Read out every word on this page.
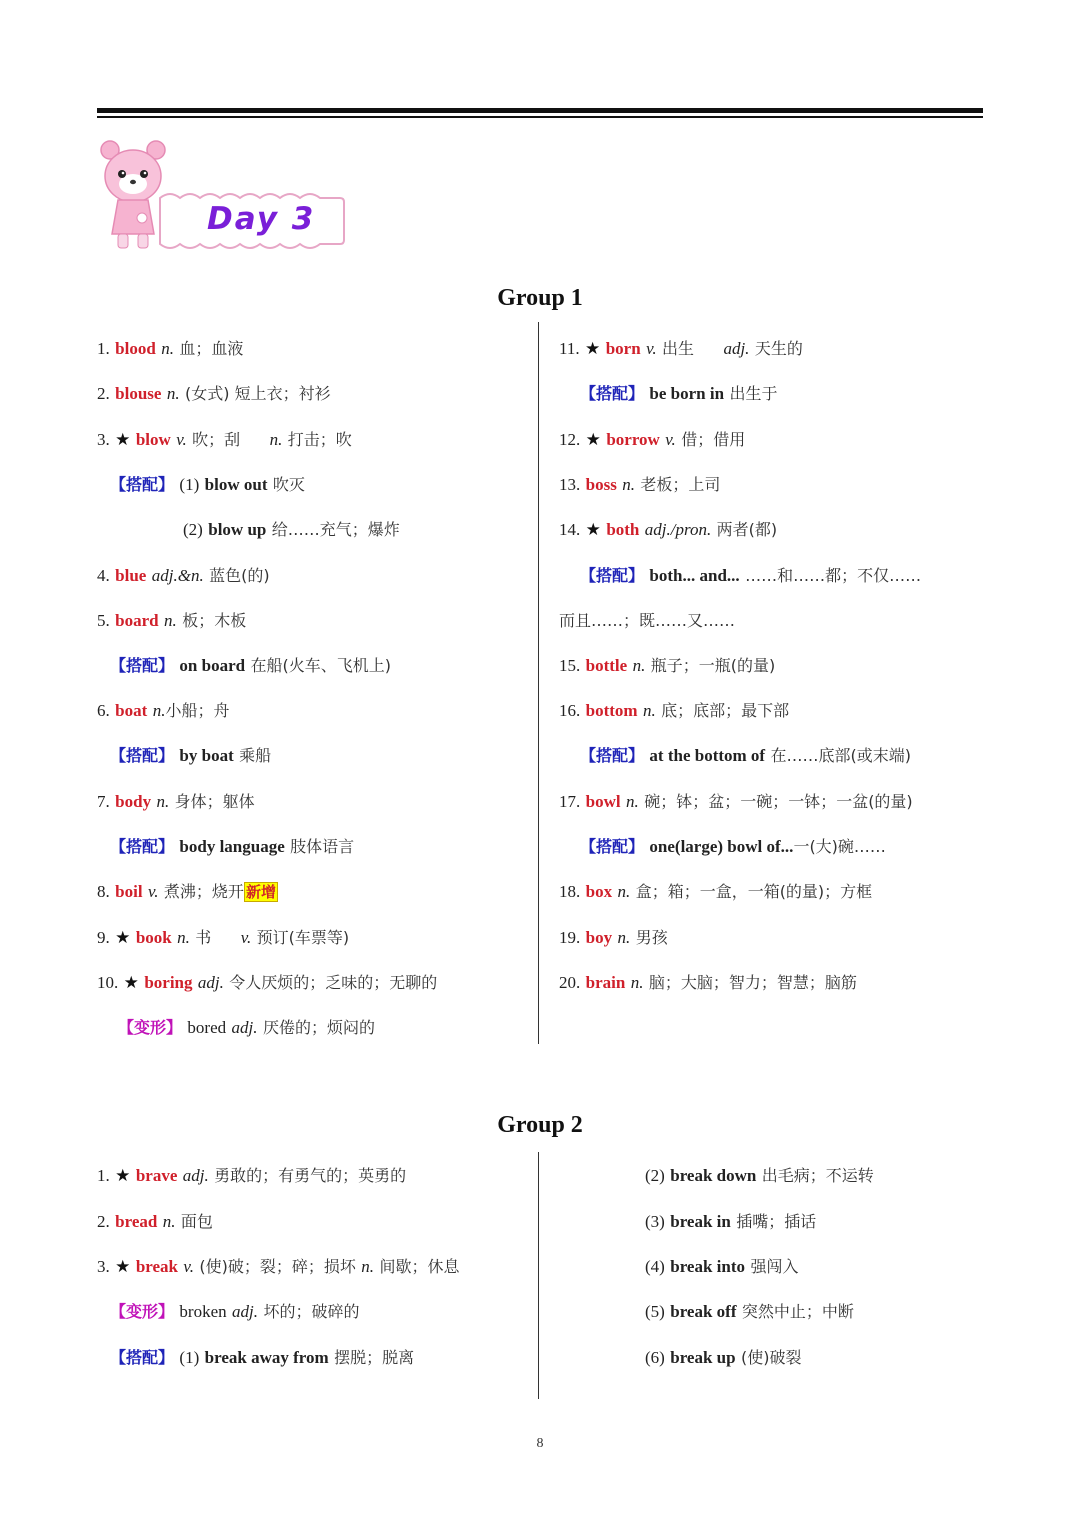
Day 3
Group 1
1. blood n. 血；血液
2. blouse n. (女式) 短上衣；衬衫
3. ★ blow v. 吹；刮 n. 打击；吹
【搭配】 (1) blow out 吹灭
(2) blow up 给……充气；爆炸
4. blue adj.&n. 蓝色(的)
5. board n. 板；木板
【搭配】 on board 在船(火车、飞机上)
6. boat n.小船；舟
【搭配】 by boat 乘船
7. body n. 身体；躯体
【搭配】 body language 肢体语言
8. boil v. 煮沸；烧开 新增
9. ★ book n. 书 v. 预订(车票等)
10. ★ boring adj. 令人厌烦的；乏味的；无聊的
【变形】 bored adj. 厌倦的；烦闷的
11. ★ born v. 出生 adj. 天生的
【搭配】 be born in 出生于
12. ★ borrow v. 借；借用
13. boss n. 老板；上司
14. ★ both adj./pron. 两者(都)
【搭配】 both... and... ……和……都；不仅……
而且……；既……又……
15. bottle n. 瓶子；一瓶(的量)
16. bottom n. 底；底部；最下部
【搭配】 at the bottom of 在……底部(或末端)
17. bowl n. 碗；钵；盆；一碗；一钵；一盆(的量)
【搭配】 one(large) bowl of...一(大)碗……
18. box n. 盒；箱；一盒，一箱(的量)；方框
19. boy n. 男孩
20. brain n. 脑；大脑；智力；智慧；脑筋
Group 2
1. ★ brave adj. 勇敢的；有勇气的；英勇的
2. bread n. 面包
3. ★ break v. (使)破；裂；碎；损坏 n. 间歇；休息
【变形】 broken adj. 坏的；破碎的
【搭配】 (1) break away from 摆脱；脱离
(2) break down 出毛病；不运转
(3) break in 插嘴；插话
(4) break into 强闯入
(5) break off 突然中止；中断
(6) break up (使)破裂
8
